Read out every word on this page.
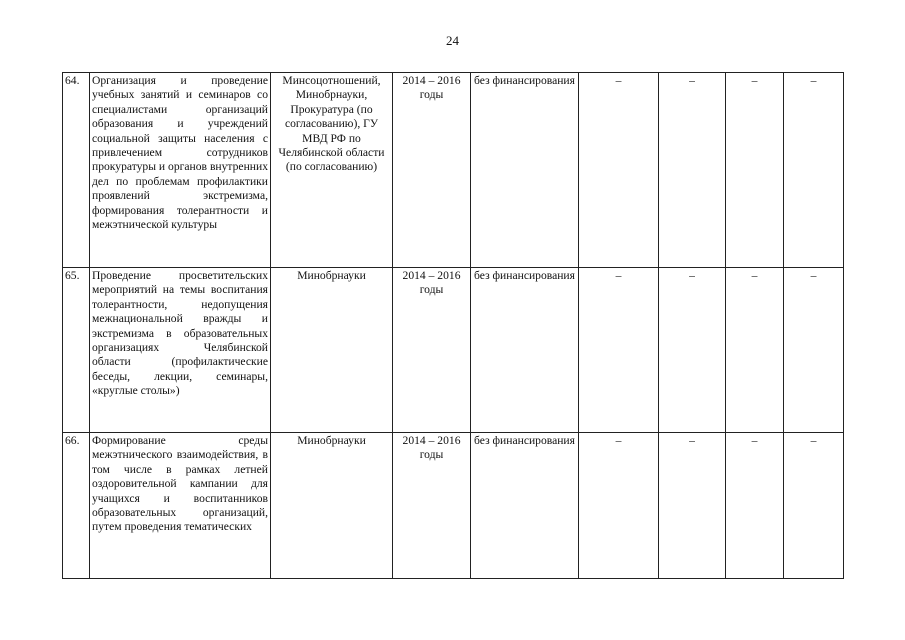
24
64.	Организация и проведение учебных занятий и семинаров со специалистами организаций образования и учреждений социальной защиты населения с привлечением сотрудников прокуратуры и органов внутренних дел по проблемам профилактики проявлений экстремизма, формирования толерантности и межэтнической культуры	Минсоцотношений, Минобрнауки, Прокуратура (по согласованию), ГУ МВД РФ по Челябинской области (по согласованию)	2014 – 2016 годы	без финансирования	–	–	–	–
65.	Проведение просветительских мероприятий на темы воспитания толерантности, недопущения межнациональной вражды и экстремизма в образовательных организациях Челябинской области (профилактические беседы, лекции, семинары, «круглые столы»)	Минобрнауки	2014 – 2016 годы	без финансирования	–	–	–	–
66.	Формирование среды межэтнического взаимодействия, в том числе в рамках летней оздоровительной кампании для учащихся и воспитанников образовательных организаций, путем проведения тематических	Минобрнауки	2014 – 2016 годы	без финансирования	–	–	–	–
